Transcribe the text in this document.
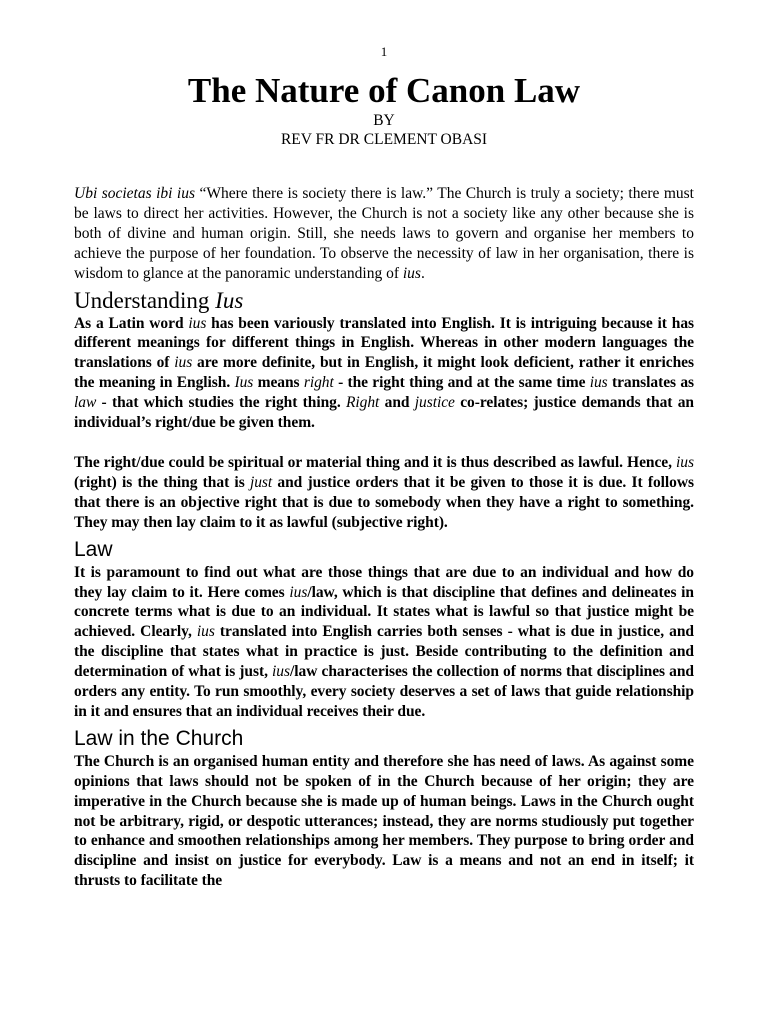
1
The Nature of Canon Law
BY
REV FR DR CLEMENT OBASI

Ubi societas ibi ius “Where there is society there is law.” The Church is truly a society; there must be laws to direct her activities. However, the Church is not a society like any other because she is both of divine and human origin. Still, she needs laws to govern and organise her members to achieve the purpose of her foundation. To observe the necessity of law in her organisation, there is wisdom to glance at the panoramic understanding of ius.

Understanding Ius

As a Latin word ius has been variously translated into English. It is intriguing because it has different meanings for different things in English. Whereas in other modern languages the translations of ius are more definite, but in English, it might look deficient, rather it enriches the meaning in English. Ius means right - the right thing and at the same time ius translates as law - that which studies the right thing. Right and justice co-relates; justice demands that an individual’s right/due be given them.

The right/due could be spiritual or material thing and it is thus described as lawful. Hence, ius (right) is the thing that is just and justice orders that it be given to those it is due. It follows that there is an objective right that is due to somebody when they have a right to something. They may then lay claim to it as lawful (subjective right).

Law

It is paramount to find out what are those things that are due to an individual and how do they lay claim to it. Here comes ius/law, which is that discipline that defines and delineates in concrete terms what is due to an individual. It states what is lawful so that justice might be achieved. Clearly, ius translated into English carries both senses - what is due in justice, and the discipline that states what in practice is just. Beside contributing to the definition and determination of what is just, ius/law characterises the collection of norms that disciplines and orders any entity. To run smoothly, every society deserves a set of laws that guide relationship in it and ensures that an individual receives their due.

Law in the Church

The Church is an organised human entity and therefore she has need of laws. As against some opinions that laws should not be spoken of in the Church because of her origin; they are imperative in the Church because she is made up of human beings. Laws in the Church ought not be arbitrary, rigid, or despotic utterances; instead, they are norms studiously put together to enhance and smoothen relationships among her members. They purpose to bring order and discipline and insist on justice for everybody. Law is a means and not an end in itself; it thrusts to facilitate the
